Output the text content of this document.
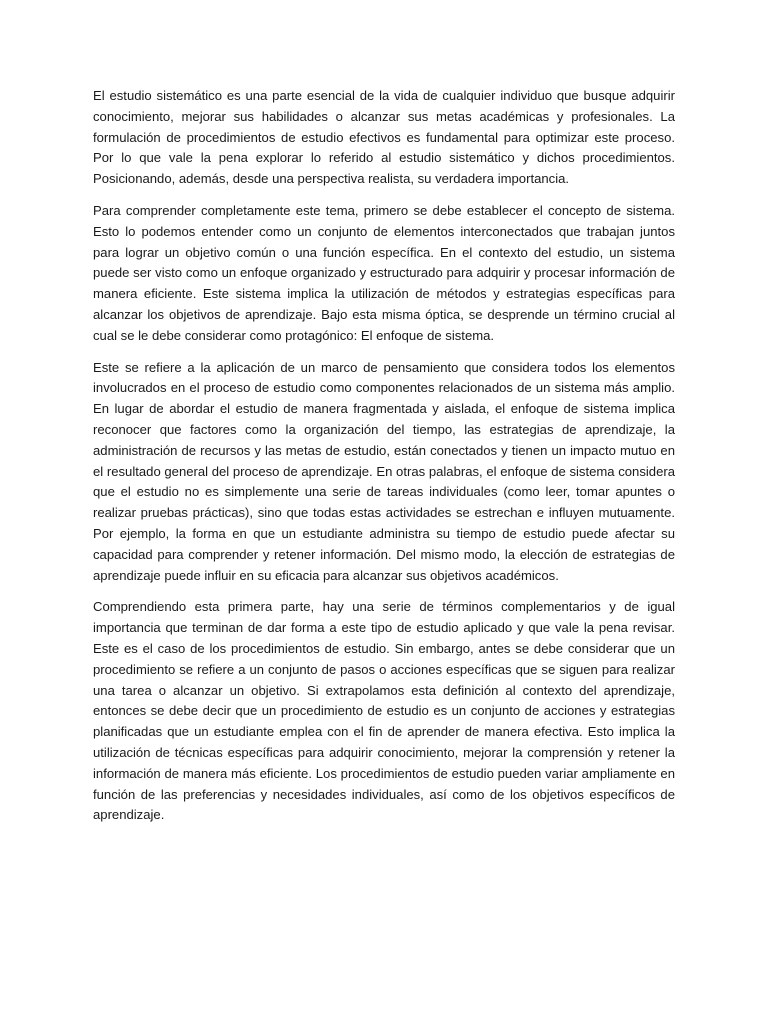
El estudio sistemático es una parte esencial de la vida de cualquier individuo que busque adquirir conocimiento, mejorar sus habilidades o alcanzar sus metas académicas y profesionales. La formulación de procedimientos de estudio efectivos es fundamental para optimizar este proceso. Por lo que vale la pena explorar lo referido al estudio sistemático y dichos procedimientos. Posicionando, además, desde una perspectiva realista, su verdadera importancia.

Para comprender completamente este tema, primero se debe establecer el concepto de sistema. Esto lo podemos entender como un conjunto de elementos interconectados que trabajan juntos para lograr un objetivo común o una función específica. En el contexto del estudio, un sistema puede ser visto como un enfoque organizado y estructurado para adquirir y procesar información de manera eficiente. Este sistema implica la utilización de métodos y estrategias específicas para alcanzar los objetivos de aprendizaje. Bajo esta misma óptica, se desprende un término crucial al cual se le debe considerar como protagónico: El enfoque de sistema.

Este se refiere a la aplicación de un marco de pensamiento que considera todos los elementos involucrados en el proceso de estudio como componentes relacionados de un sistema más amplio. En lugar de abordar el estudio de manera fragmentada y aislada, el enfoque de sistema implica reconocer que factores como la organización del tiempo, las estrategias de aprendizaje, la administración de recursos y las metas de estudio, están conectados y tienen un impacto mutuo en el resultado general del proceso de aprendizaje. En otras palabras, el enfoque de sistema considera que el estudio no es simplemente una serie de tareas individuales (como leer, tomar apuntes o realizar pruebas prácticas), sino que todas estas actividades se estrechan e influyen mutuamente. Por ejemplo, la forma en que un estudiante administra su tiempo de estudio puede afectar su capacidad para comprender y retener información. Del mismo modo, la elección de estrategias de aprendizaje puede influir en su eficacia para alcanzar sus objetivos académicos.

Comprendiendo esta primera parte, hay una serie de términos complementarios y de igual importancia que terminan de dar forma a este tipo de estudio aplicado y que vale la pena revisar. Este es el caso de los procedimientos de estudio. Sin embargo, antes se debe considerar que un procedimiento se refiere a un conjunto de pasos o acciones específicas que se siguen para realizar una tarea o alcanzar un objetivo. Si extrapolamos esta definición al contexto del aprendizaje, entonces se debe decir que un procedimiento de estudio es un conjunto de acciones y estrategias planificadas que un estudiante emplea con el fin de aprender de manera efectiva. Esto implica la utilización de técnicas específicas para adquirir conocimiento, mejorar la comprensión y retener la información de manera más eficiente. Los procedimientos de estudio pueden variar ampliamente en función de las preferencias y necesidades individuales, así como de los objetivos específicos de aprendizaje.
